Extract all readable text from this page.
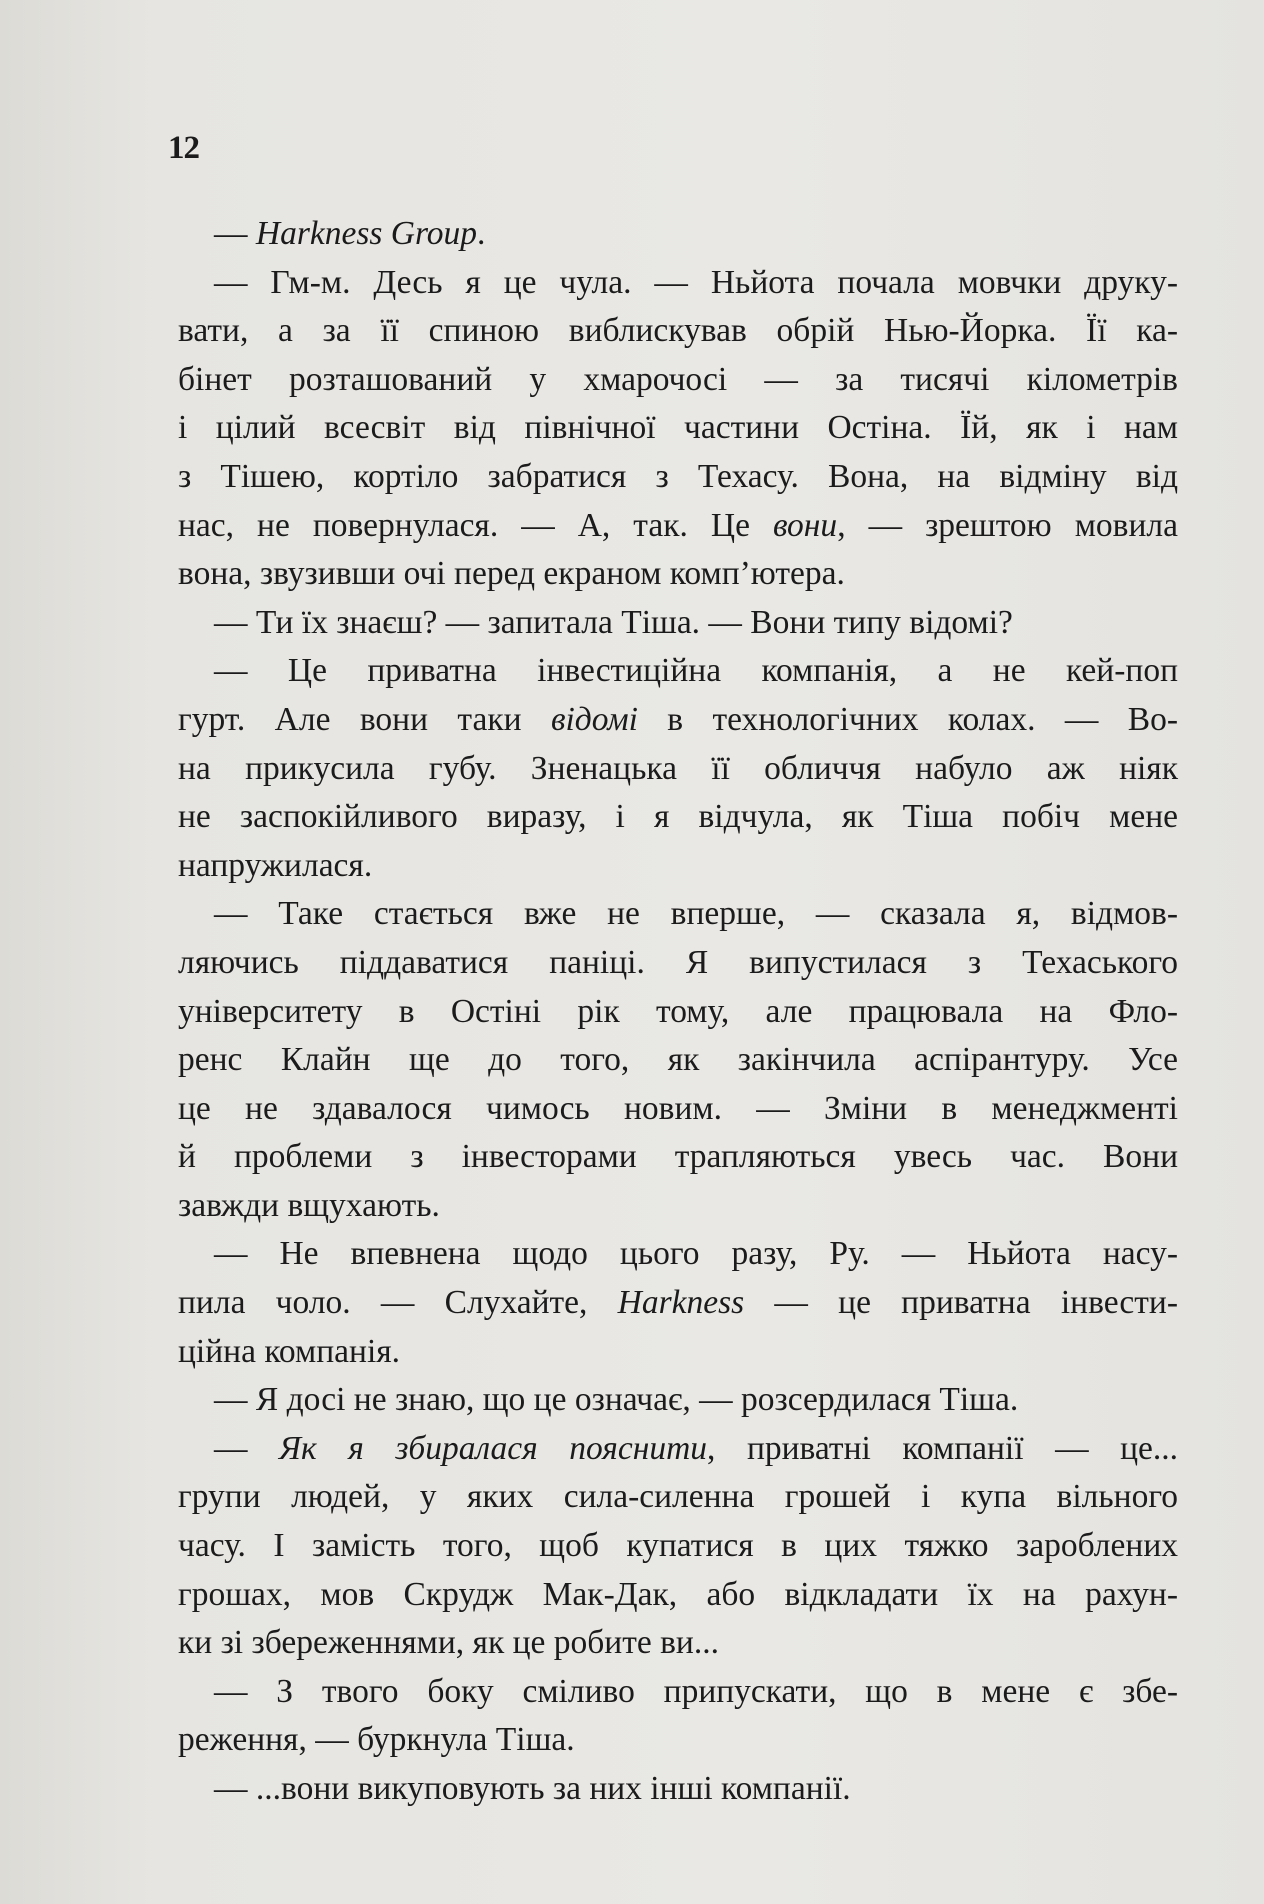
12
— Harkness Group.
— Гм-м. Десь я це чула. — Ньйота почала мовчки друку-
вати, а за її спиною виблискував обрій Нью-Йорка. Її ка-
бінет розташований у хмарочосі — за тисячі кілометрів
і цілий всесвіт від північної частини Остіна. Їй, як і нам
з Тішею, кортіло забратися з Техасу. Вона, на відміну від
нас, не повернулася. — А, так. Це вони, — зрештою мовила
вона, звузивши очі перед екраном комп’ютера.
— Ти їх знаєш? — запитала Тіша. — Вони типу відомі?
— Це приватна інвестиційна компанія, а не кей-поп
гурт. Але вони таки відомі в технологічних колах. — Во-
на прикусила губу. Зненацька її обличчя набуло аж ніяк
не заспокійливого виразу, і я відчула, як Тіша побіч мене
напружилася.
— Таке стається вже не вперше, — сказала я, відмов-
ляючись піддаватися паніці. Я випустилася з Техаського
університету в Остіні рік тому, але працювала на Фло-
ренс Клайн ще до того, як закінчила аспірантуру. Усе
це не здавалося чимось новим. — Зміни в менеджменті
й проблеми з інвесторами трапляються увесь час. Вони
завжди вщухають.
— Не впевнена щодо цього разу, Ру. — Ньйота насу-
пила чоло. — Слухайте, Harkness — це приватна інвести-
ційна компанія.
— Я досі не знаю, що це означає, — розсердилася Тіша.
— Як я збиралася пояснити, приватні компанії — це...
групи людей, у яких сила-силенна грошей і купа вільного
часу. І замість того, щоб купатися в цих тяжко зароблених
грошах, мов Скрудж Мак-Дак, або відкладати їх на рахун-
ки зі збереженнями, як це робите ви...
— З твого боку сміливо припускати, що в мене є збе-
реження, — буркнула Тіша.
— ...вони викуповують за них інші компанії.
